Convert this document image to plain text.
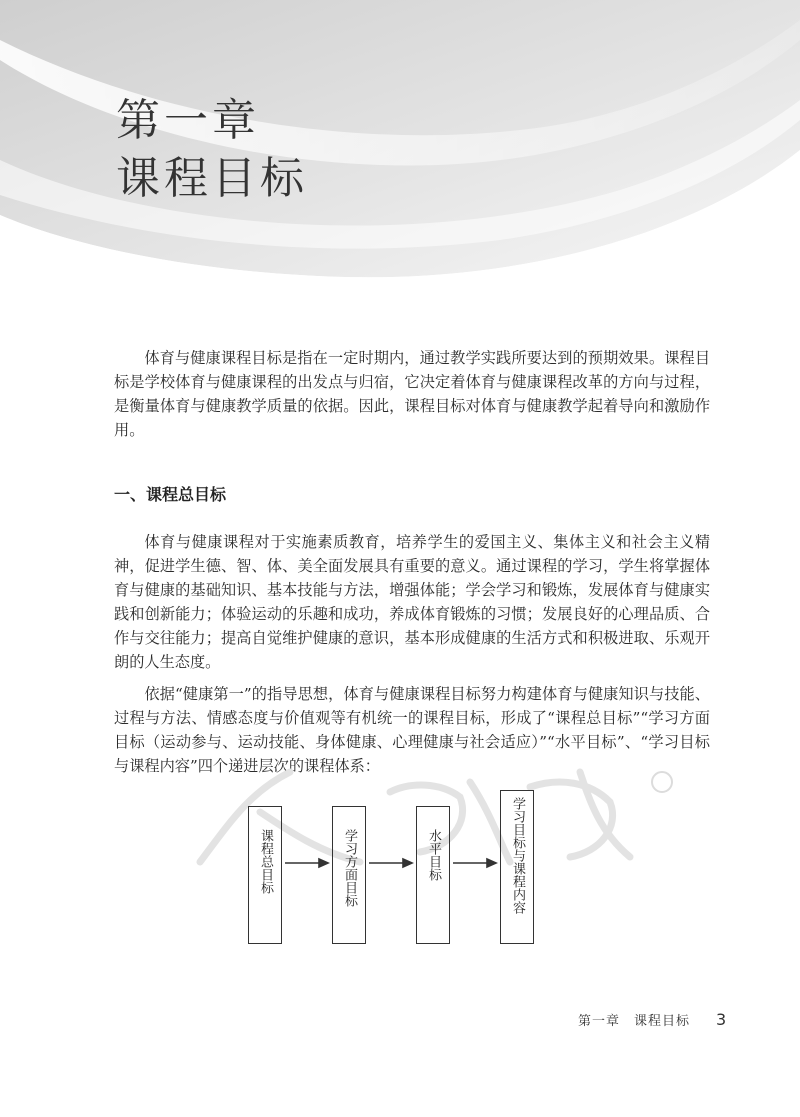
第一章
课程目标

体育与健康课程目标是指在一定时期内，通过教学实践所要达到的预期效果。课程目标是学校体育与健康课程的出发点与归宿，它决定着体育与健康课程改革的方向与过程，是衡量体育与健康教学质量的依据。因此，课程目标对体育与健康教学起着导向和激励作用。

一、课程总目标

体育与健康课程对于实施素质教育，培养学生的爱国主义、集体主义和社会主义精神，促进学生德、智、体、美全面发展具有重要的意义。通过课程的学习，学生将掌握体育与健康的基础知识、基本技能与方法，增强体能；学会学习和锻炼，发展体育与健康实践和创新能力；体验运动的乐趣和成功，养成体育锻炼的习惯；发展良好的心理品质、合作与交往能力；提高自觉维护健康的意识，基本形成健康的生活方式和积极进取、乐观开朗的人生态度。

依据“健康第一”的指导思想，体育与健康课程目标努力构建体育与健康知识与技能、过程与方法、情感态度与价值观等有机统一的课程目标，形成了“课程总目标”“学习方面目标（运动参与、运动技能、身体健康、心理健康与社会适应）”“水平目标”、“学习目标与课程内容”四个递进层次的课程体系：

课程总目标	学习方面目标	水平目标	学习目标与课程内容
第一章　课程目标 3
